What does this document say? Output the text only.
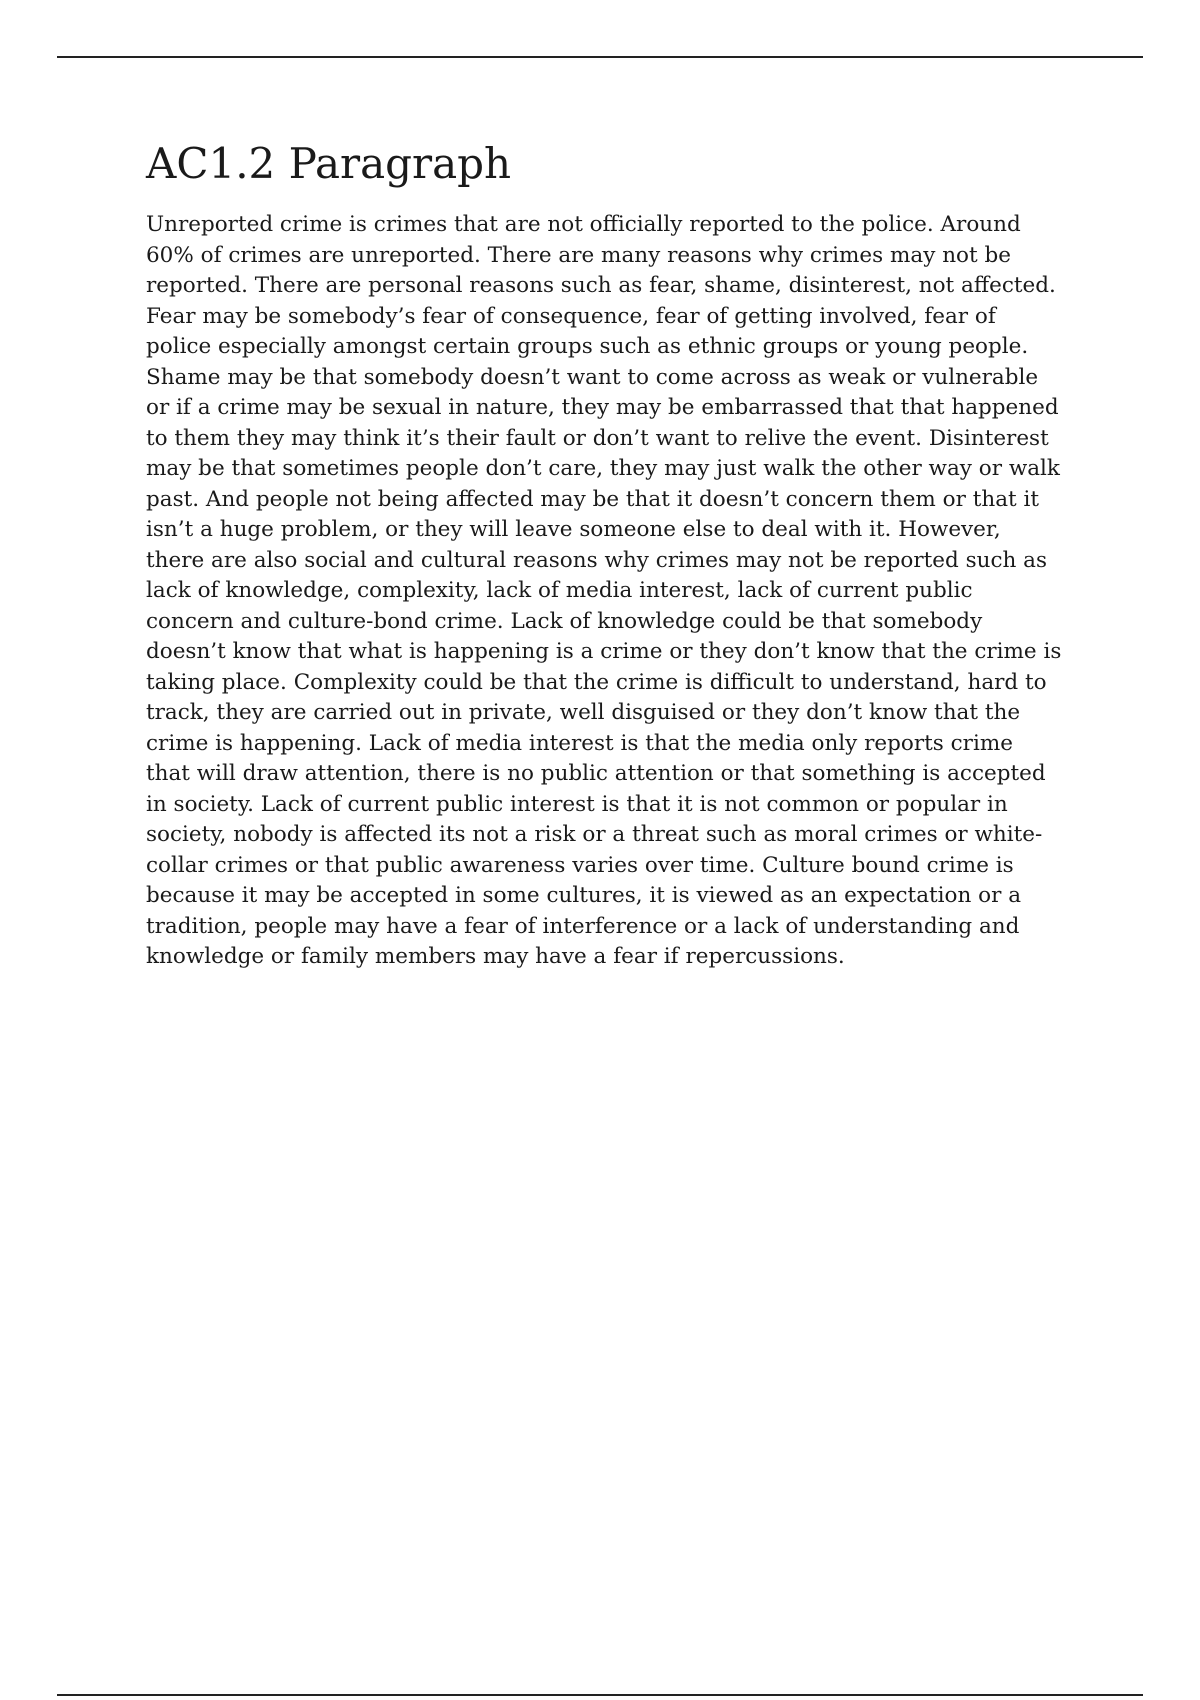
AC1.2 Paragraph

Unreported crime is crimes that are not officially reported to the police. Around 60% of crimes are unreported. There are many reasons why crimes may not be reported. There are personal reasons such as fear, shame, disinterest, not affected. Fear may be somebody’s fear of consequence, fear of getting involved, fear of police especially amongst certain groups such as ethnic groups or young people. Shame may be that somebody doesn’t want to come across as weak or vulnerable or if a crime may be sexual in nature, they may be embarrassed that that happened to them they may think it’s their fault or don’t want to relive the event. Disinterest may be that sometimes people don’t care, they may just walk the other way or walk past. And people not being affected may be that it doesn’t concern them or that it isn’t a huge problem, or they will leave someone else to deal with it. However, there are also social and cultural reasons why crimes may not be reported such as lack of knowledge, complexity, lack of media interest, lack of current public concern and culture-bond crime. Lack of knowledge could be that somebody doesn’t know that what is happening is a crime or they don’t know that the crime is taking place. Complexity could be that the crime is difficult to understand, hard to track, they are carried out in private, well disguised or they don’t know that the crime is happening. Lack of media interest is that the media only reports crime that will draw attention, there is no public attention or that something is accepted in society. Lack of current public interest is that it is not common or popular in society, nobody is affected its not a risk or a threat such as moral crimes or white-collar crimes or that public awareness varies over time. Culture bound crime is because it may be accepted in some cultures, it is viewed as an expectation or a tradition, people may have a fear of interference or a lack of understanding and knowledge or family members may have a fear if repercussions.
